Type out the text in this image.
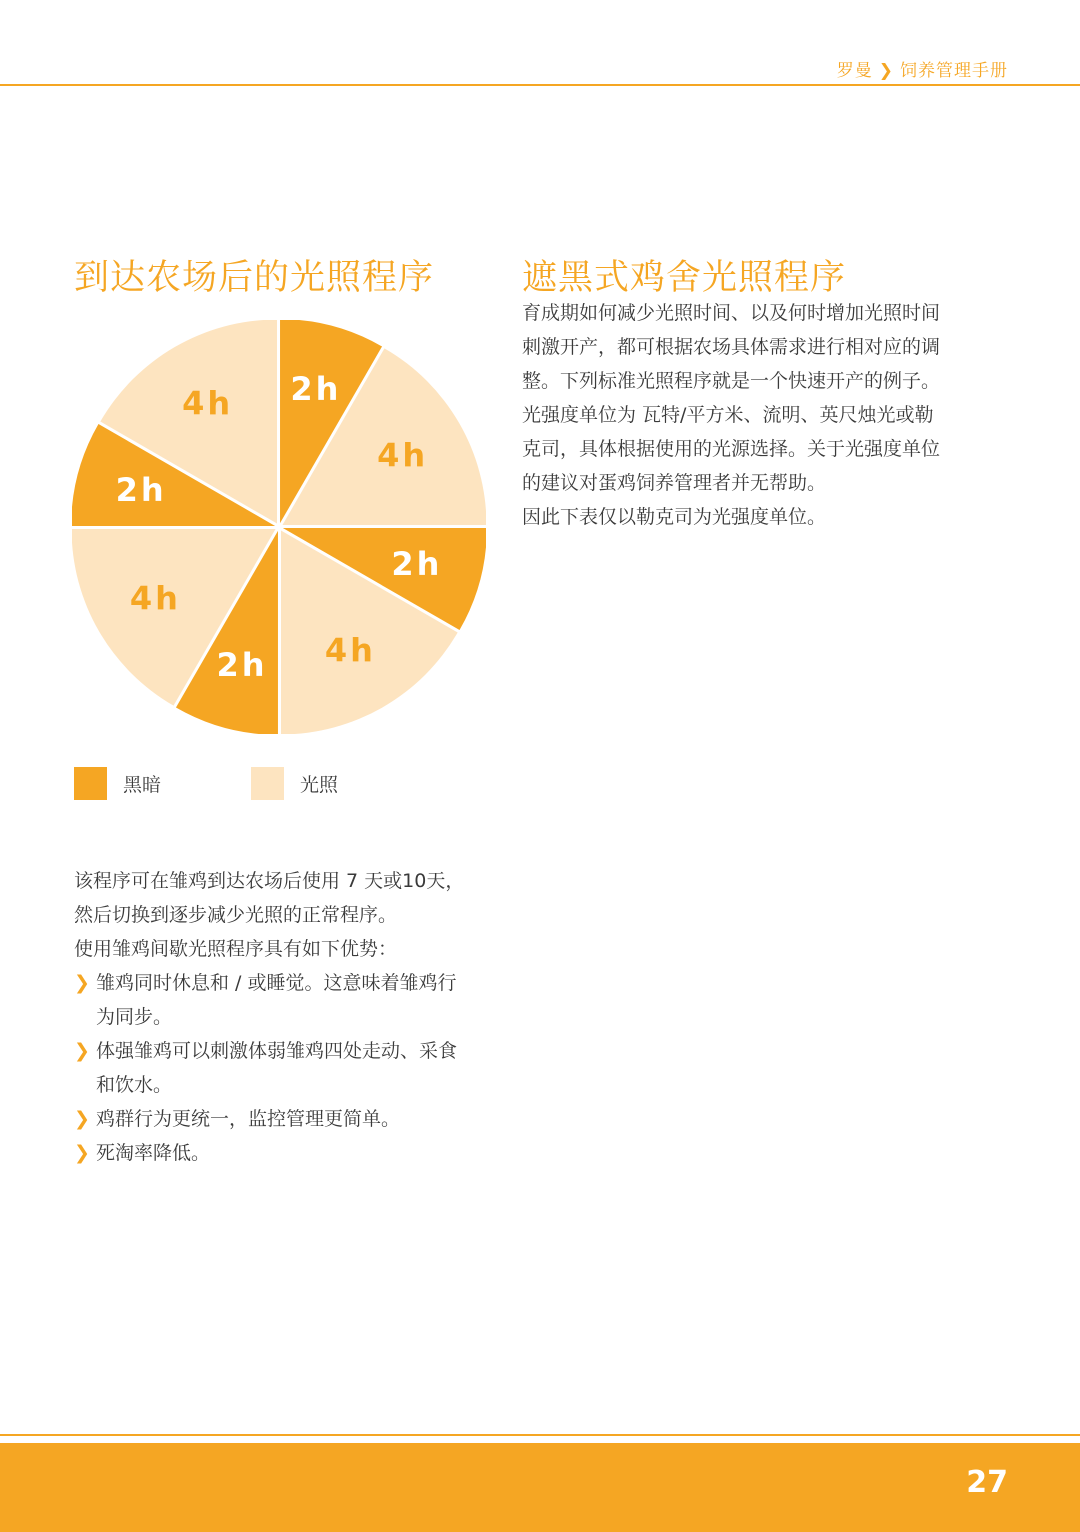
罗曼 ❯ 饲养管理手册
到达农场后的光照程序	遮黑式鸡舍光照程序
2h
4h
2h
4h
2h
4h
2h
4h
黑暗	光照

育成期如何减少光照时间、以及何时增加光照时间刺激开产，都可根据农场具体需求进行相对应的调整。下列标准光照程序就是一个快速开产的例子。

光强度单位为 瓦特/平方米、流明、英尺烛光或勒克司，具体根据使用的光源选择。关于光强度单位的建议对蛋鸡饲养管理者并无帮助。

因此下表仅以勒克司为光强度单位。

该程序可在雏鸡到达农场后使用 7 天或10天，然后切换到逐步减少光照的正常程序。

使用雏鸡间歇光照程序具有如下优势：

❯ 雏鸡同时休息和 / 或睡觉。这意味着雏鸡行为同步。
❯ 体强雏鸡可以刺激体弱雏鸡四处走动、采食和饮水。
❯ 鸡群行为更统一，监控管理更简单。
❯ 死淘率降低。
27
